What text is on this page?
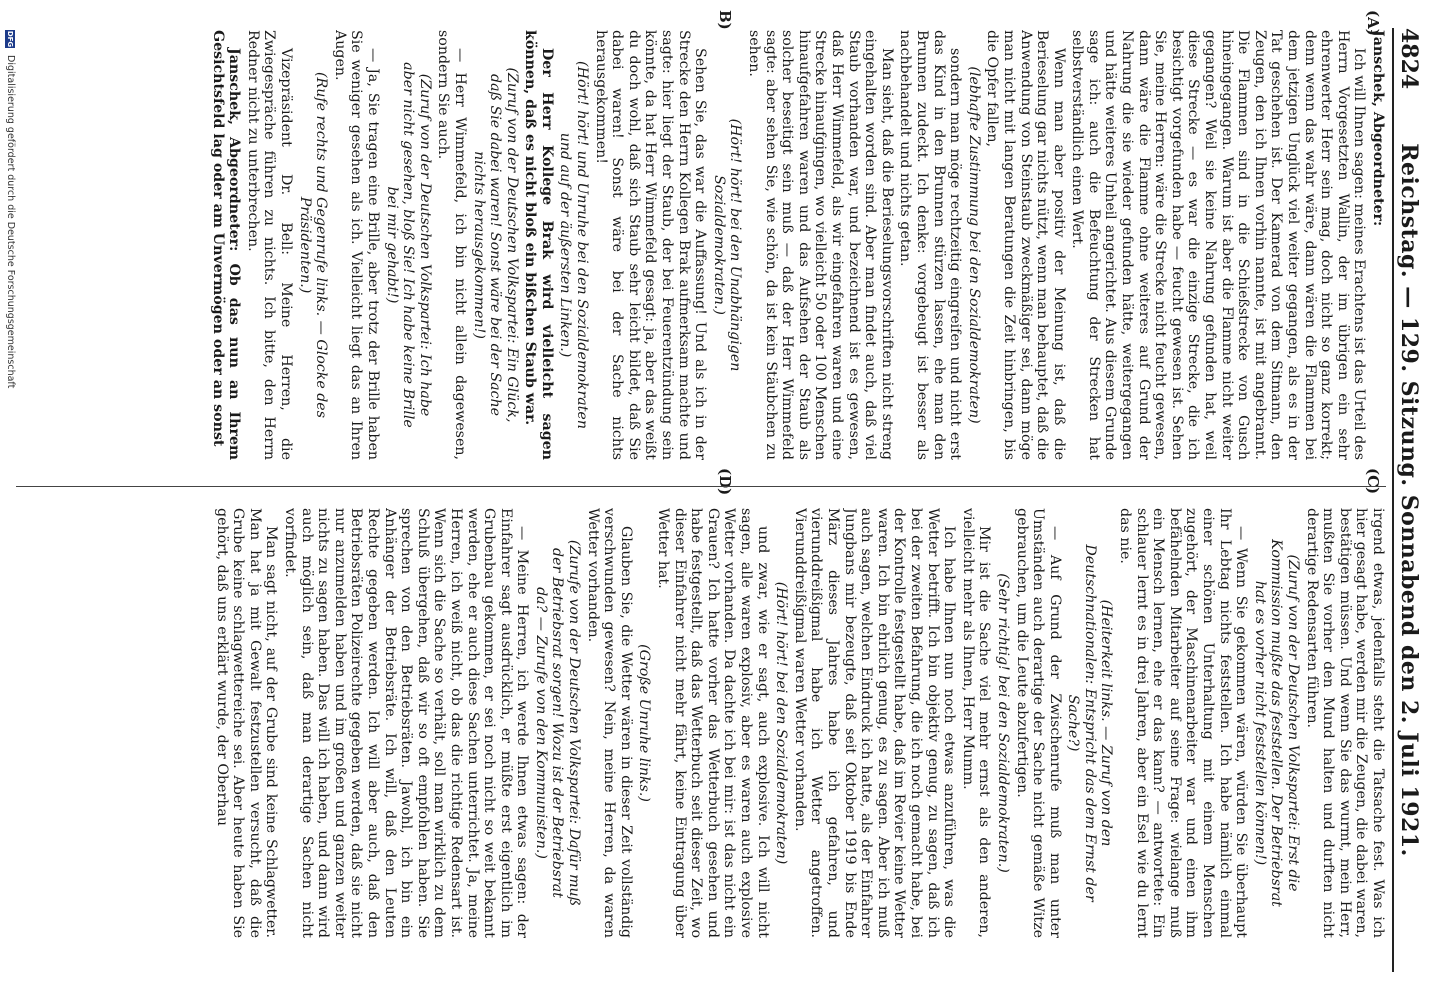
4824
Reichstag. — 129. Sitzung. Sonnabend den 2. Juli 1921.
(A)
B)
(C)
(D)

Janschek, Abgeordneter:

Ich will Ihnen sagen: meines Erachtens ist das Urteil des Herrn Vorgesetzten Wallin, der im übrigen ein sehr ehrenwerter Herr sein mag, doch nicht so ganz korrekt; denn wenn das wahr wäre, dann wären die Flammen bei dem jetzigen Unglück viel weiter gegangen, als es in der Tat geschehen ist. Der Kamerad von dem Sitmann, den Zeugen, den ich Ihnen vorhin nannte, ist mit angebrannt. Die Flammen sind in die Schießstrecke von Gusch hineingegangen. Warum ist aber die Flamme nicht weiter gegangen? Weil sie keine Nahrung gefunden hat, weil diese Strecke — es war die einzige Strecke, die ich besichtigt vorgefunden habe — feucht gewesen ist. Sehen Sie, meine Herren: wäre die Strecke nicht feucht gewesen, dann wäre die Flamme ohne weiteres auf Grund der Nahrung die sie wieder gefunden hätte, weitergegangen und hätte weiteres Unheil angerichtet. Aus diesem Grunde sage ich: auch die Befeuchtung der Strecken hat selbstverständlich einen Wert.

Wenn man aber positiv der Meinung ist, daß die Berieselung gar nichts nützt, wenn man behauptet, daß die Anwendung von Steinstaub zweckmäßiger sei, dann möge man nicht mit langen Beratungen die Zeit hinbringen, bis die Opfer fallen,

(lebhafte Zustimmung bei den Sozialdemokraten)

sondern man möge rechtzeitig eingreifen und nicht erst das Kind in den Brunnen stürzen lassen, ehe man den Brunnen zudeckt. Ich denke: vorgebeugt ist besser als nachbehandelt und nichts getan.

Man sieht, daß die Berieselungsvorschriften nicht streng eingehalten worden sind. Aber man findet auch, daß viel Staub vorhanden war, und bezeichnend ist es gewesen, daß Herr Wimmefeld, als wir eingefahren waren und eine Strecke hinaufgingen, wo vielleicht 50 oder 100 Menschen hinaufgefahren waren und das Aufsehen der Staub als solcher beseitigt sein muß — daß der Herr Wimmefeld sagte: aber sehen Sie, wie schön, da ist kein Stäubchen zu sehen.

(Hört! hört! bei den Unabhängigen Sozialdemokraten.)

Sehen Sie, das war die Auffassung! Und als ich in der Strecke den Herrn Kollegen Brak aufmerksam machte und sagte: hier liegt der Staub, der bei Feuerentzündung sein könnte, da hat Herr Wimmefeld gesagt: ja, aber das weißt du doch wohl, daß sich Staub sehr leicht bildet, daß Sie dabei waren! Sonst wäre bei der Sache nichts herausgekommen!

(Hört! hört! und Unruhe bei den Sozialdemokraten und auf der äußersten Linken.)

Der Herr Kollege Brak wird vielleicht sagen können, daß es nicht bloß ein bißchen Staub war.

(Zuruf von der Deutschen Volkspartei: Ein Glück, daß Sie dabei waren! Sonst wäre bei der Sache nichts herausgekommen!)

— Herr Wimmefeld, ich bin nicht allein dagewesen, sondern Sie auch.

(Zuruf von der Deutschen Volkspartei: Ich habe aber nicht gesehen, bloß Sie! Ich habe keine Brille bei mir gehabt!)

— Ja, Sie tragen eine Brille, aber trotz der Brille haben Sie weniger gesehen als ich. Vielleicht liegt das an Ihren Augen.

(Rufe rechts und Gegenrufe links. — Glocke des Präsidenten.)

Vizepräsident Dr. Bell: Meine Herren, die Zwiegespräche führen zu nichts. Ich bitte, den Herrn Redner nicht zu unterbrechen.

Janschek, Abgeordneter: Ob das nun an Ihrem Gesichtsfeld lag oder am Unvermögen oder an sonst

irgend etwas, jedenfalls steht die Tatsache fest. Was ich hier gesagt habe, werden mir die Zeugen, die dabei waren, bestätigen müssen. Und wenn Sie das wurmt, mein Herr, mußten Sie vorher den Mund halten und durften nicht derartige Redensarten führen.

(Zuruf von der Deutschen Volkspartei: Erst die Kommission mußte das feststellen. Der Betriebsrat hat es vorher nicht feststellen können!)

— Wenn Sie gekommen wären, würden Sie überhaupt Ihr Lebtag nichts feststellen. Ich habe nämlich einmal einer schönen Unterhaltung mit einem Menschen zugehört, der Maschinenarbeiter war und einen ihm befähelnden Mitarbeiter auf seine Frage: wielange muß ein Mensch lernen, ehe er das kann? — antwortete: Ein schlauer lernt es in drei Jahren, aber ein Esel wie du lernt das nie.

(Heiterkeit links. — Zuruf von den Deutschnationalen: Entspricht das dem Ernst der Sache?)

— Auf Grund der Zwischenrufe muß man unter Umständen auch derartige der Sache nicht gemäße Witze gebrauchen, um die Leute abzufertigen.

(Sehr richtig! bei den Sozialdemokraten.)

Mir ist die Sache viel mehr ernst als den anderen, vielleicht mehr als Ihnen, Herr Mumm.

Ich habe Ihnen nun noch etwas anzuführen, was die Wetter betrifft. Ich bin objektiv genug, zu sagen, daß ich bei der zweiten Befahrung, die ich noch gemacht habe, bei der Kontrolle festgestellt habe, daß im Revier keine Wetter waren. Ich bin ehrlich genug, es zu sagen. Aber ich muß auch sagen, welchen Eindruck ich hatte, als der Einfahrer Jungbans mir bezeugte, daß seit Oktober 1919 bis Ende März dieses Jahres habe ich gefahren, und vierunddreißigmal habe ich Wetter angetroffen. Vierunddreißigmal waren Wetter vorhanden.

(Hört! hört! bei den Sozialdemokraten)

und zwar, wie er sagt, auch explosive. Ich will nicht sagen, alle waren explosiv, aber es waren auch explosive Wetter vorhanden. Da dachte ich bei mir: ist das nicht ein Grauen? Ich hatte vorher das Wetterbuch gesehen und habe festgestellt, daß das Wetterbuch seit dieser Zeit, wo dieser Einfahrer nicht mehr fährt, keine Eintragung über Wetter hat.

(Große Unruhe links.)

Glauben Sie, die Wetter wären in dieser Zeit vollständig verschwunden gewesen? Nein, meine Herren, da waren Wetter vorhanden.

(Zurufe von der Deutschen Volkspartei: Dafür muß der Betriebsrat sorgen! Wozu ist der Betriebsrat da? — Zurufe von den Kommunisten.)

— Meine Herren, ich werde Ihnen etwas sagen: der Einfahrer sagt ausdrücklich, er müßte erst eigentlich im Grubenbau gekommen, er sei noch nicht so weit bekannt werden, ehe er auch diese Sachen unterrichtet. Ja, meine Herren, ich weiß nicht, ob das die richtige Redensart ist. Wenn sich die Sache so verhält, soll man wirklich zu dem Schluß übergehen, daß wir so oft empfohlen haben. Sie sprechen von den Betriebsräten. Jawohl, ich bin ein Anhänger der Betriebsräte. Ich will, daß den Leuten Rechte gegeben werden. Ich will aber auch, daß den Betriebsräten Polizeirechte gegeben werden, daß sie nicht nur anzumelden haben und im großen und ganzen weiter nichts zu sagen haben. Das will ich haben, und dann wird auch möglich sein, daß man derartige Sachen nicht vorfindet.

Man sagt nicht, auf der Grube sind keine Schlagwetter. Man hat ja mit Gewalt festzustellen versucht, daß die Grube keine schlagwettereiche sei. Aber heute haben Sie gehört, daß uns erklärt wurde, der Oberhau

DFG Digitalisierung gefördert durch die Deutsche Forschungsgemeinschaft
